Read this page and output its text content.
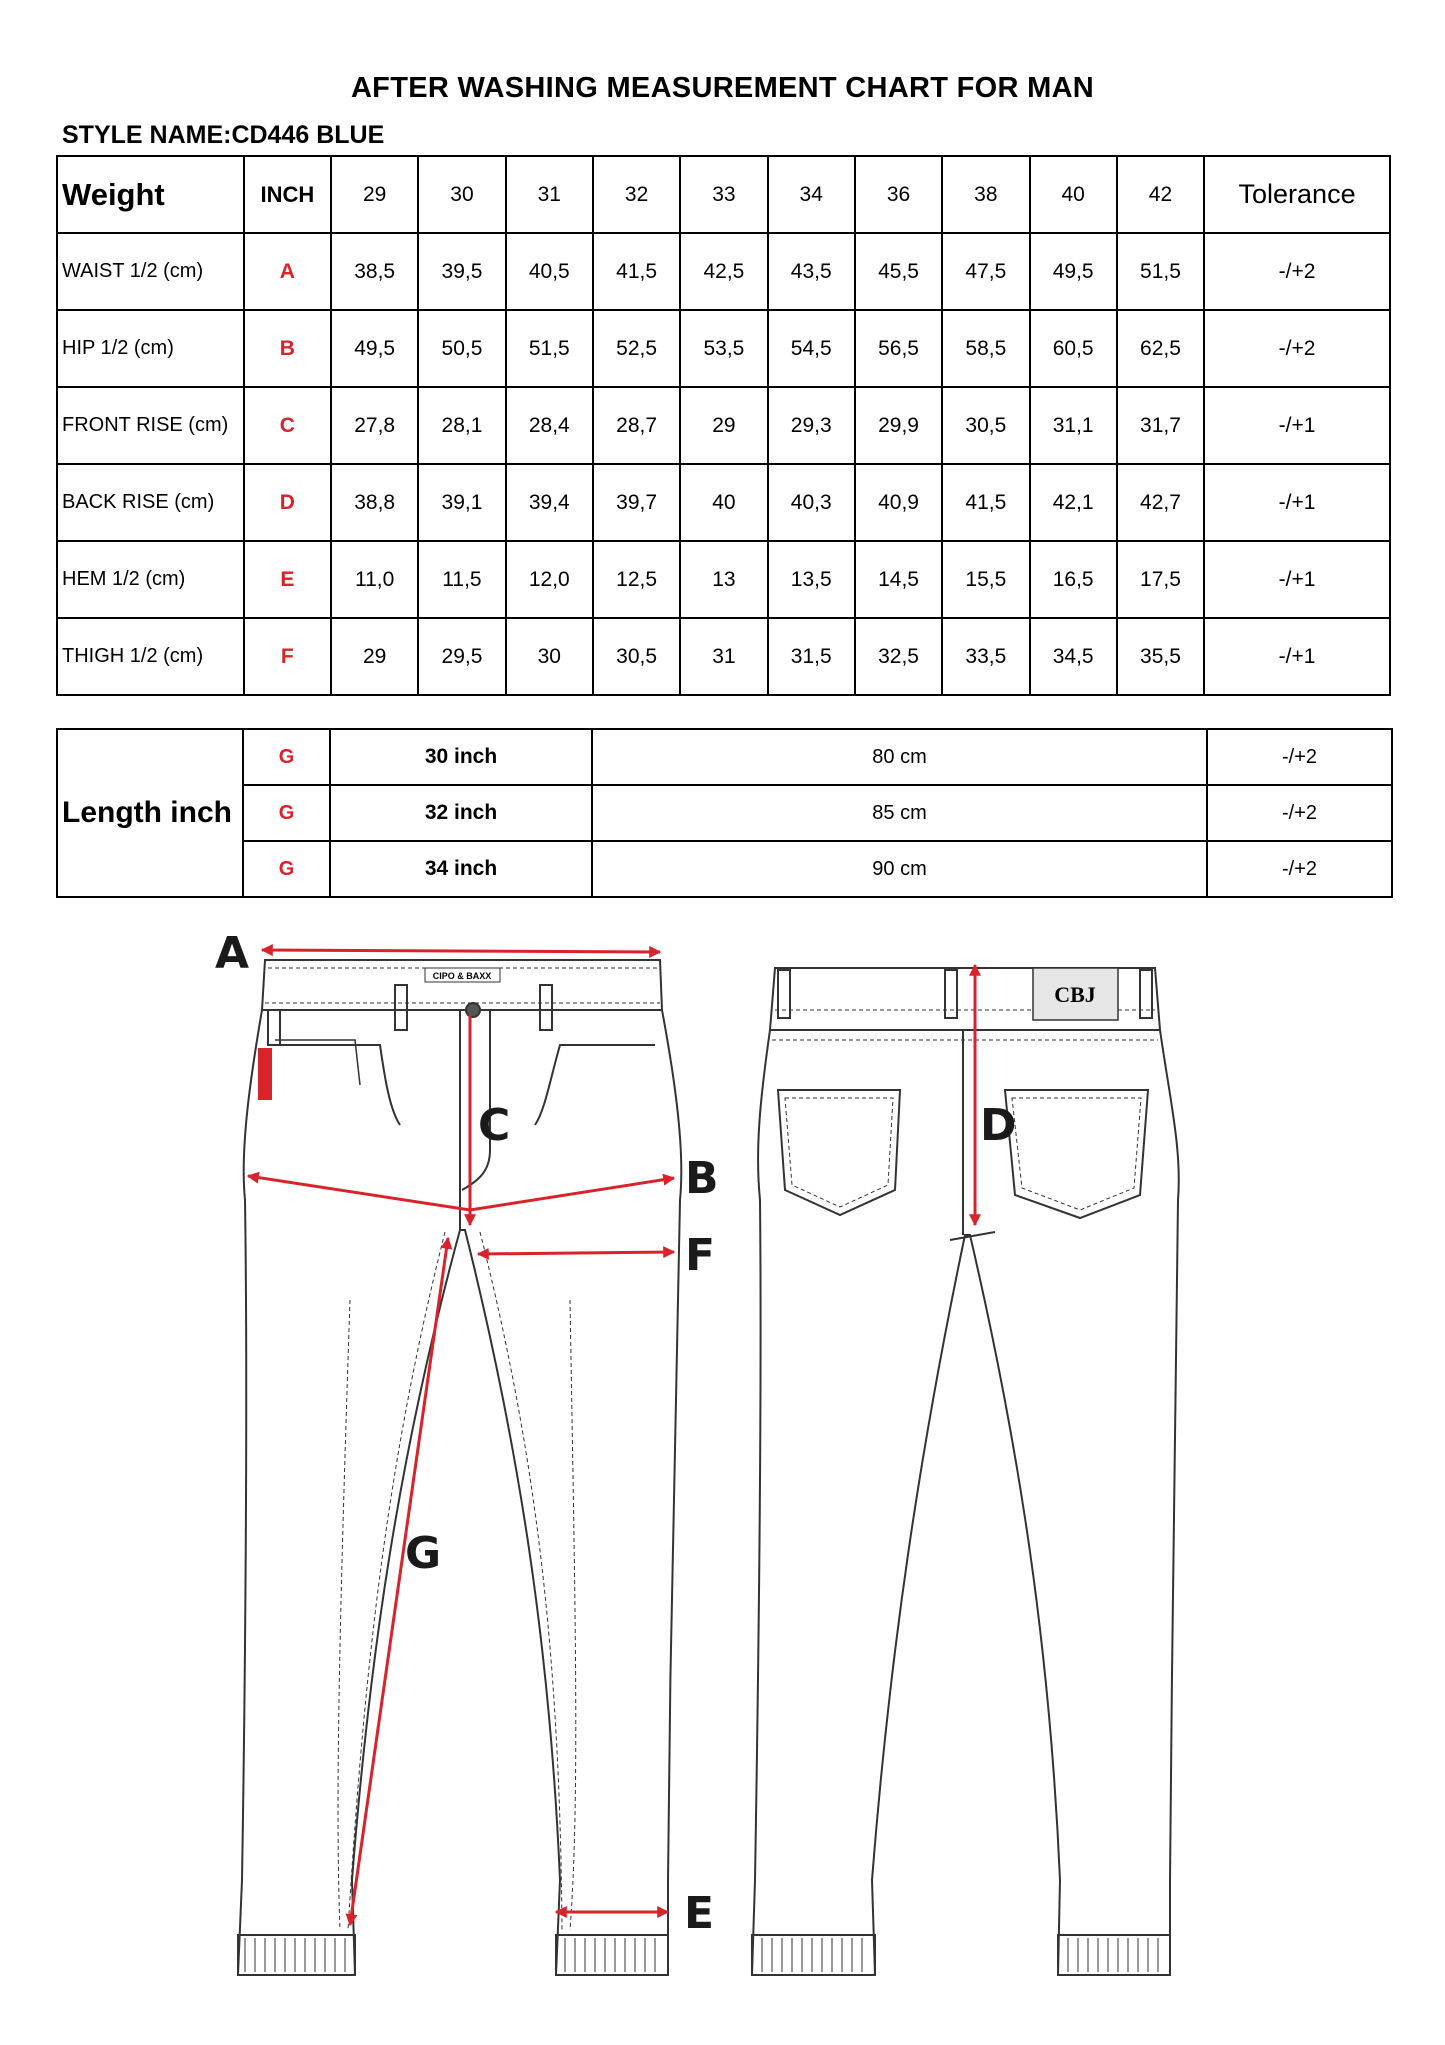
AFTER WASHING MEASUREMENT CHART FOR MAN
STYLE NAME:CD446 BLUE
Weight	INCH	29	30	31	32	33	34	36	38	40	42	Tolerance
WAIST 1/2 (cm)	A	38,5	39,5	40,5	41,5	42,5	43,5	45,5	47,5	49,5	51,5	-/+2
HIP 1/2 (cm)	B	49,5	50,5	51,5	52,5	53,5	54,5	56,5	58,5	60,5	62,5	-/+2
FRONT RISE (cm)	C	27,8	28,1	28,4	28,7	29	29,3	29,9	30,5	31,1	31,7	-/+1
BACK RISE (cm)	D	38,8	39,1	39,4	39,7	40	40,3	40,9	41,5	42,1	42,7	-/+1
HEM 1/2 (cm)	E	11,0	11,5	12,0	12,5	13	13,5	14,5	15,5	16,5	17,5	-/+1
THIGH 1/2 (cm)	F	29	29,5	30	30,5	31	31,5	32,5	33,5	34,5	35,5	-/+1
Length inch	G	30 inch	80 cm	-/+2
	G	32 inch	85 cm	-/+2
	G	34 inch	90 cm	-/+2
CIPO & BAXX
CBJ
A
B
C	D
E
F
G
